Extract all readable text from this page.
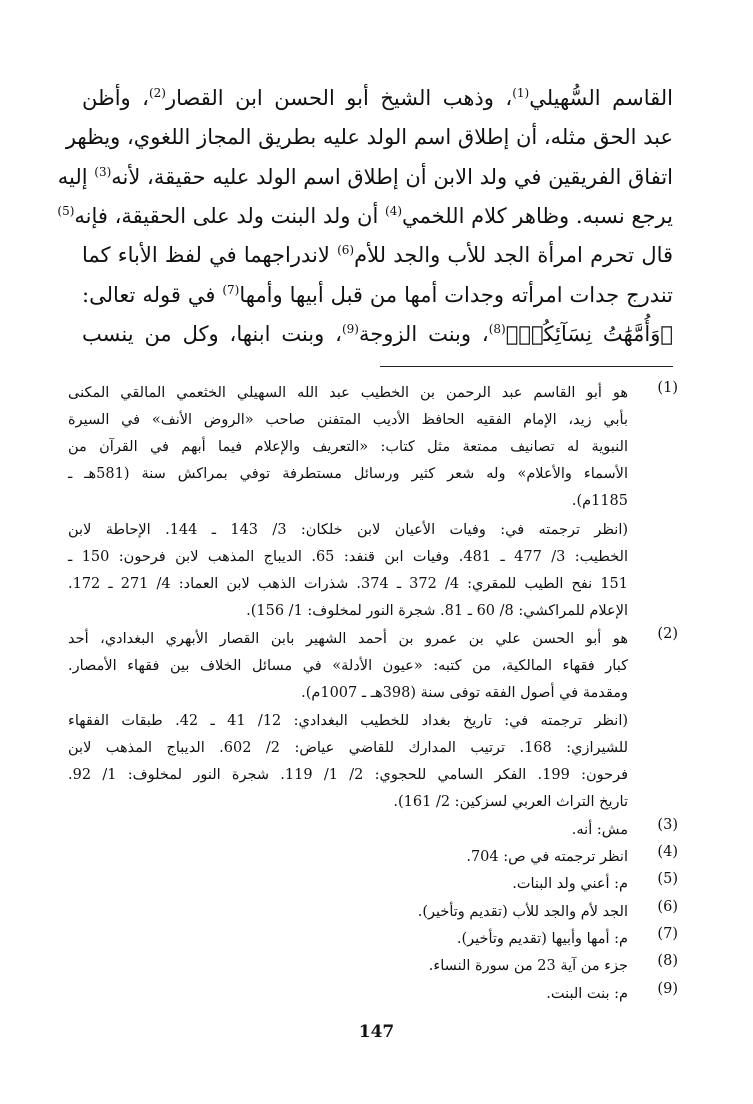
القاسم السُّهيلي$^{(1)}$، وذهب الشيخ أبو الحسن ابن القصار$^{(2)}$، وأظن
عبد الحق مثله، أن إطلاق اسم الولد عليه بطريق المجاز اللغوي، ويظهر
اتفاق الفريقين في ولد الابن أن إطلاق اسم الولد عليه حقيقة، لأنه$^{(3)}$ إليه
يرجع نسبه. وظاهر كلام اللخمي$^{(4)}$ أن ولد البنت ولد على الحقيقة، فإنه$^{(5)}$
قال تحرم امرأة الجد للأب والجد للأم$^{(6)}$ لاندراجهما في لفظ الأباء كما
تندرج جدات امرأته وجدات أمها من قبل أبيها وأمها$^{(7)}$ في قوله تعالى:
﴿وَأُمَّهَٰتُ نِسَآئِكُمۡ﴾$^{(8)}$، وبنت الزوجة$^{(9)}$، وبنت ابنها، وكل من ينسب
(1)
هو أبو القاسم عبد الرحمن بن الخطيب عبد الله السهيلي الخثعمي المالقي المكنى
بأبي زيد، الإمام الفقيه الحافظ الأديب المتفنن صاحب «الروض الأنف» في السيرة
النبوية له تصانيف ممتعة مثل كتاب: «التعريف والإعلام فيما أبهم في القرآن من
الأسماء والأعلام» وله شعر كثير ورسائل مستطرفة توفي بمراكش سنة (581هـ ـ
1185م).
(انظر ترجمته في: وفيات الأعيان لابن خلكان: 3/ 143 ـ 144. الإحاطة لابن
الخطيب: 3/ 477 ـ 481. وفيات ابن قنفد: 65. الديباج المذهب لابن فرحون: 150 ـ
151 نفح الطيب للمقري: 4/ 372 ـ 374. شذرات الذهب لابن العماد: 4/ 271 ـ 172.
الإعلام للمراكشي: 8/ 60 ـ 81. شجرة النور لمخلوف: 1/ 156).
(2)
هو أبو الحسن علي بن عمرو بن أحمد الشهير بابن القصار الأبهري البغدادي، أحد
كبار فقهاء المالكية، من كتبه: «عيون الأدلة» في مسائل الخلاف بين فقهاء الأمصار.
ومقدمة في أصول الفقه توفى سنة (398هـ ـ 1007م).
(انظر ترجمته في: تاريخ بغداد للخطيب البغدادي: 12/ 41 ـ 42. طبقات الفقهاء
للشيرازي: 168. ترتيب المدارك للقاضي عياض: 2/ 602. الديباج المذهب لابن
فرحون: 199. الفكر السامي للحجوي: 2/ 1/ 119. شجرة النور لمخلوف: 1/ 92.
تاريخ التراث العربي لسزكين: 2/ 161).
(3)
مش: أنه.
(4)
انظر ترجمته في ص: 704.
(5)
م: أعني ولد البنات.
(6)
الجد لأم والجد للأب (تقديم وتأخير).
(7)
م: أمها وأبيها (تقديم وتأخير).
(8)
جزء من آية 23 من سورة النساء.
(9)
م: بنت البنت.
147
